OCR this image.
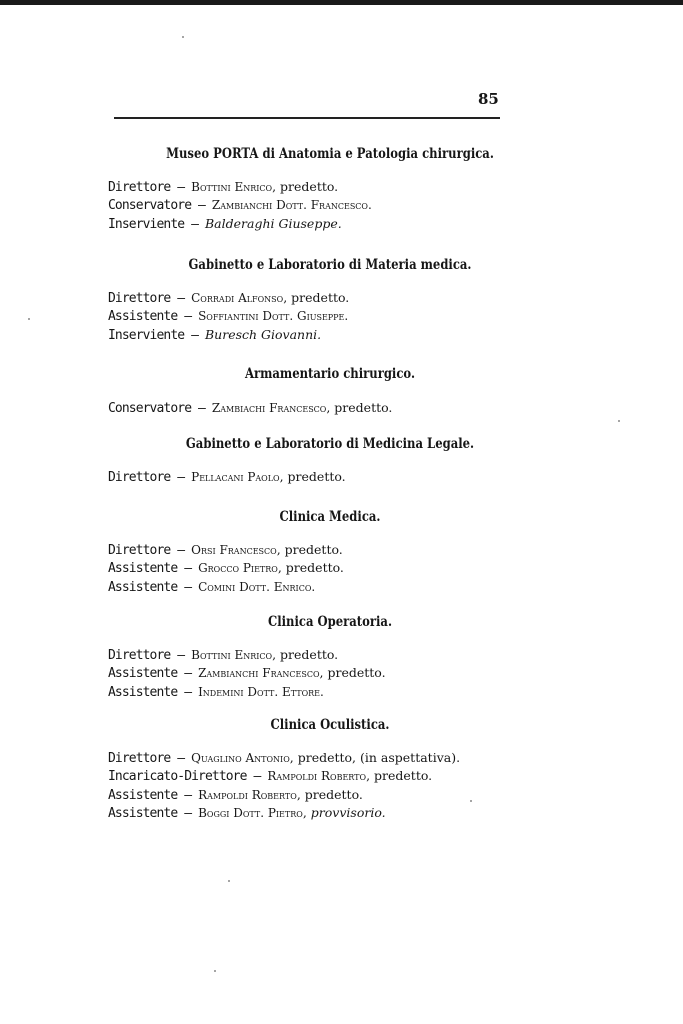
85
Museo PORTA di Anatomia e Patologia chirurgica.
Direttore — Bottini Enrico, predetto.
Conservatore — Zambianchi Dott. Francesco.
Inserviente — Balderaghi Giuseppe.
Gabinetto e Laboratorio di Materia medica.
Direttore — Corradi Alfonso, predetto.
Assistente — Soffiantini Dott. Giuseppe.
Inserviente — Buresch Giovanni.
Armamentario chirurgico.
Conservatore — Zambiachi Francesco, predetto.
Gabinetto e Laboratorio di Medicina Legale.
Direttore — Pellacani Paolo, predetto.
Clinica Medica.
Direttore — Orsi Francesco, predetto.
Assistente — Grocco Pietro, predetto.
Assistente — Comini Dott. Enrico.
Clinica Operatoria.
Direttore — Bottini Enrico, predetto.
Assistente — Zambianchi Francesco, predetto.
Assistente — Indemini Dott. Ettore.
Clinica Oculistica.
Direttore — Quaglino Antonio, predetto, (in aspettativa).
Incaricato-Direttore — Rampoldi Roberto, predetto.
Assistente — Rampoldi Roberto, predetto.
Assistente — Boggi Dott. Pietro, provvisorio.
